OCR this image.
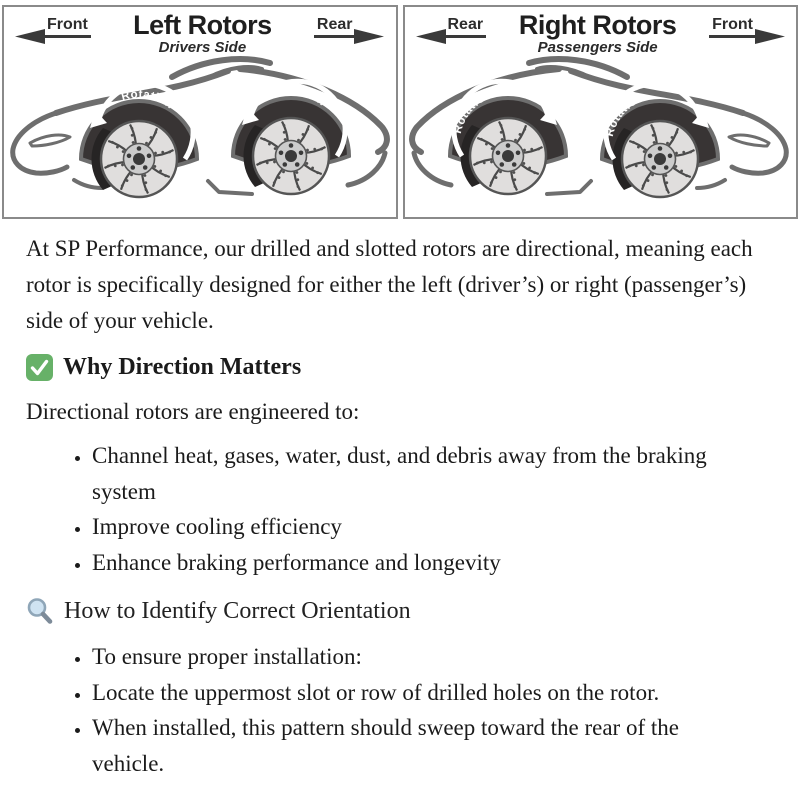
Front Left Rotors
Drivers Side
Rear
Rotation
Rotation
Rear Right Rotors
Passengers Side
Front
Rotation
Rotation

At SP Performance, our drilled and slotted rotors are directional, meaning each rotor is specifically designed for either the left (driver’s) or right (passenger’s) side of your vehicle.

Why Direction Matters

Directional rotors are engineered to:

• Channel heat, gases, water, dust, and debris away from the braking system
• Improve cooling efficiency
• Enhance braking performance and longevity
How to Identify Correct Orientation
• To ensure proper installation:
• Locate the uppermost slot or row of drilled holes on the rotor.
• When installed, this pattern should sweep toward the rear of the vehicle.
